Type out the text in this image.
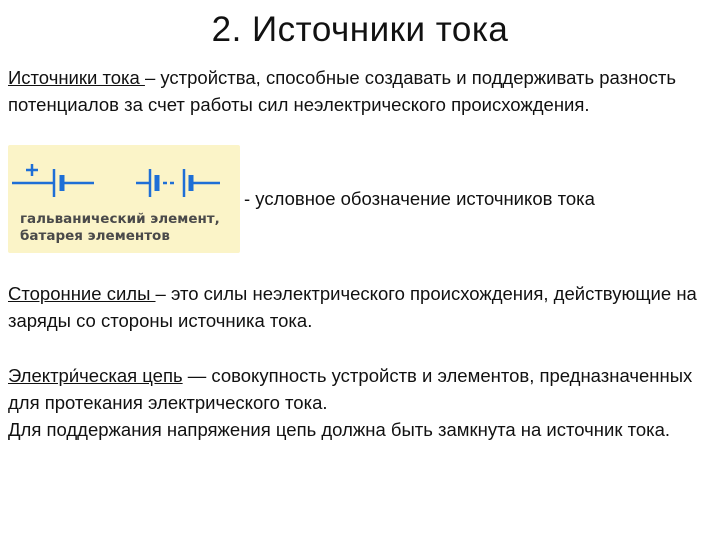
2. Источники тока

Источники тока – устройства, способные создавать и поддерживать разность потенциалов за счет работы сил неэлектрического происхождения.

гальванический элемент,
батарея элементов
- условное обозначение источников тока

Сторонние силы – это силы неэлектрического происхождения, действующие на заряды со стороны источника тока.

Электри́ческая цепь — совокупность устройств и элементов, предназначенных для протекания электрического тока.
Для поддержания напряжения цепь должна быть замкнута на источник тока.
